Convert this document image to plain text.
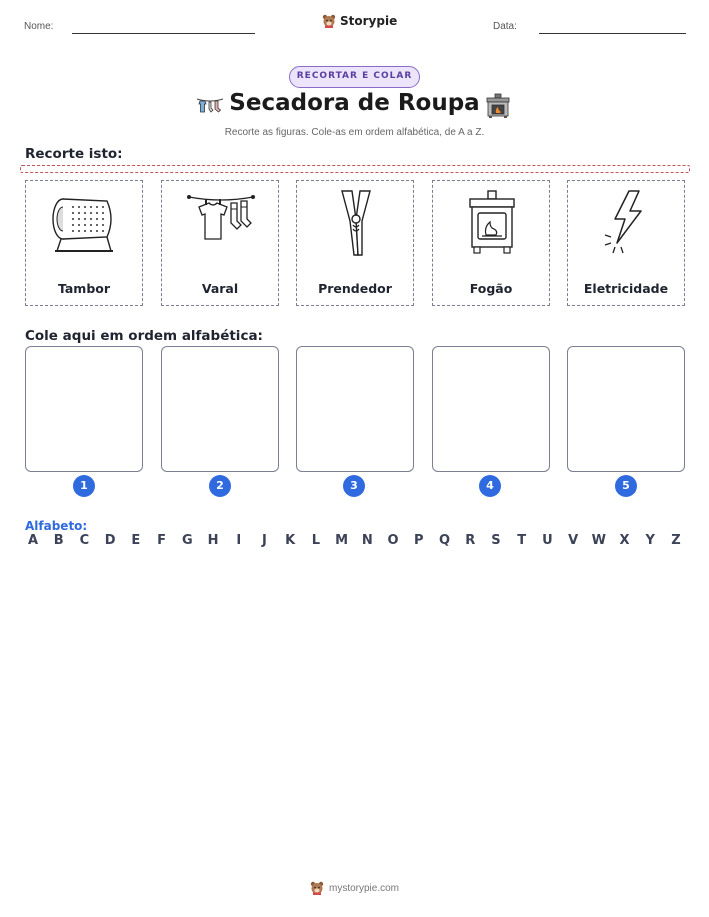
Nome:	Storypie	Data:
RECORTAR E COLAR
Secadora de Roupa
Recorte as figuras. Cole-as em ordem alfabética, de A a Z.
Recorte isto:
Tambor	Varal	Prendedor	Fogão	Eletricidade
Cole aqui em ordem alfabética:
1	2	3	4	5
Alfabeto:
A B C D E F G H	I	J	K L M N O P Q R S T U V W X Y Z
mystorypie.com
